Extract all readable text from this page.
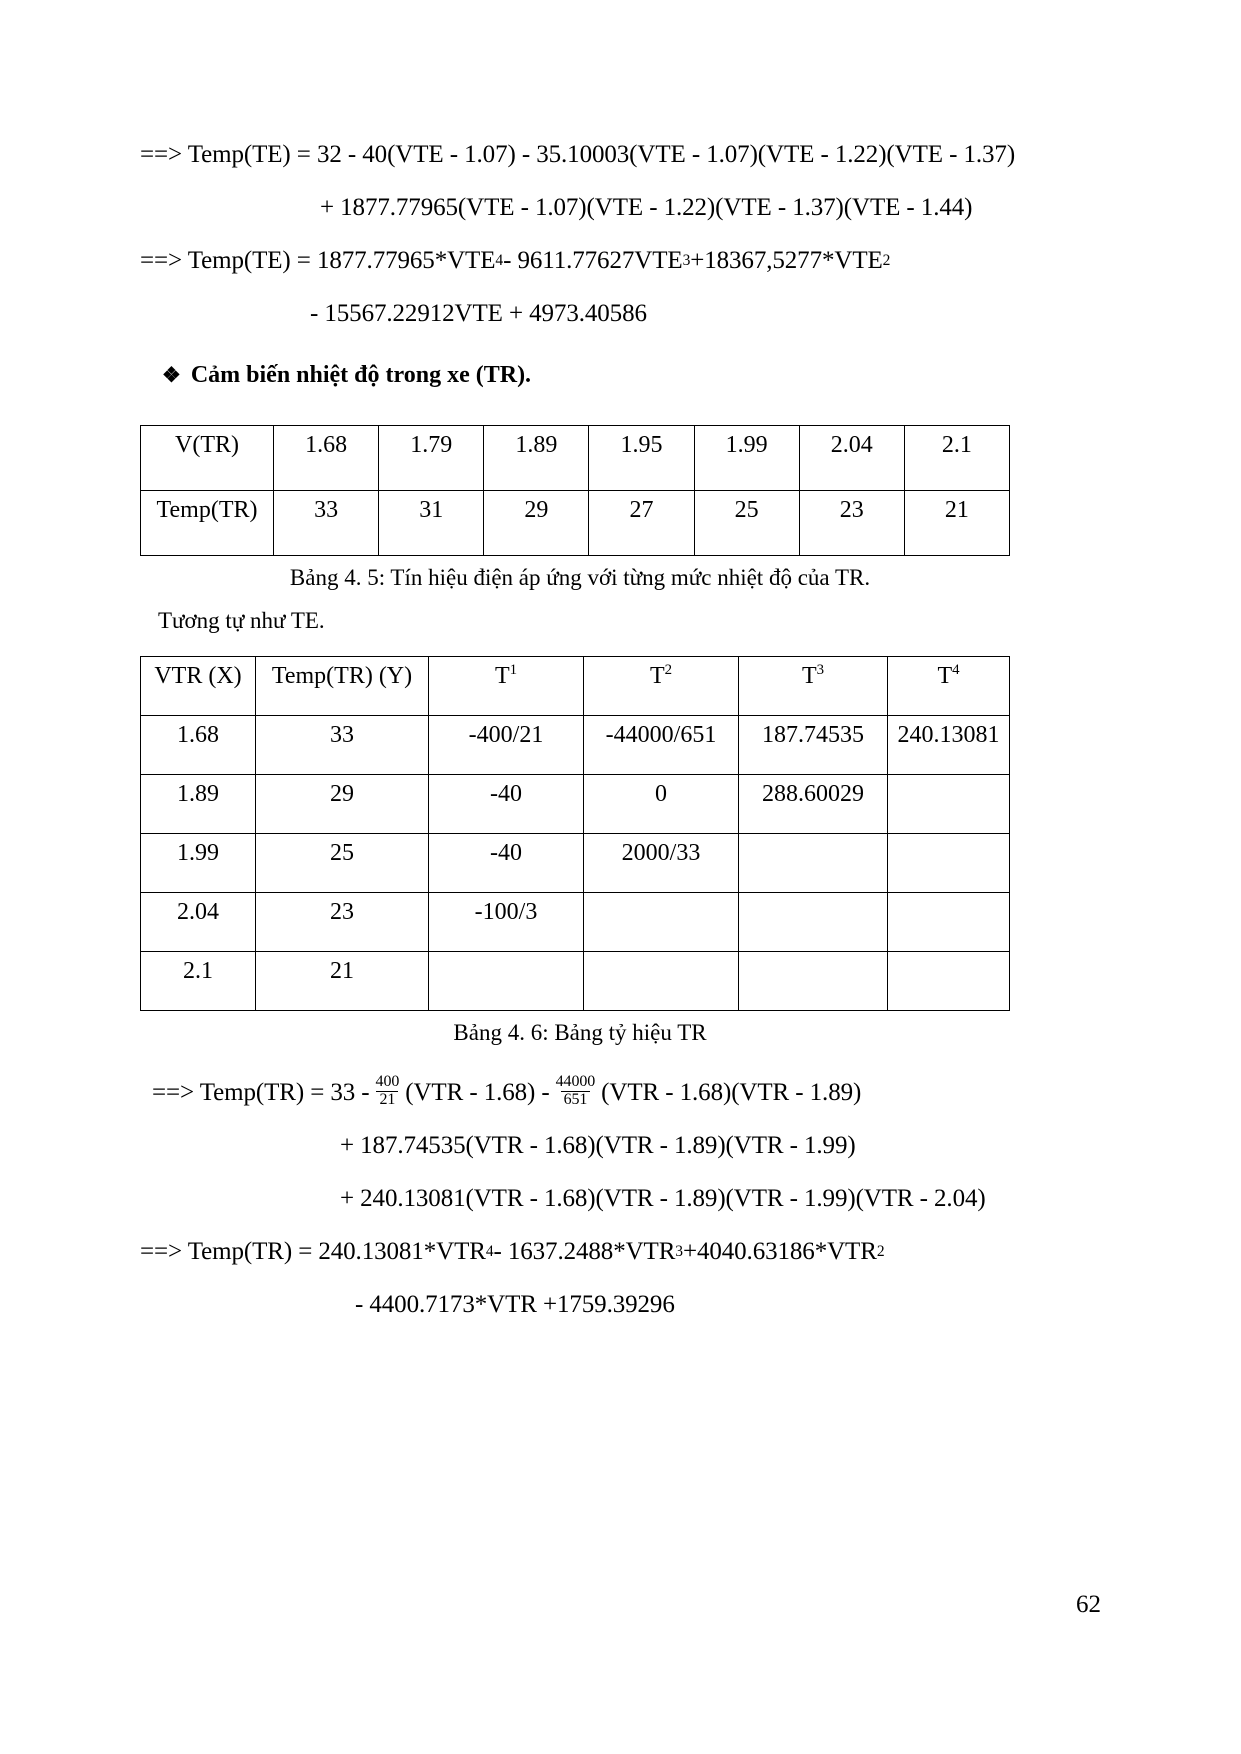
==> Temp(TE) = 32 - 40(VTE - 1.07) - 35.10003(VTE - 1.07)(VTE - 1.22)(VTE - 1.37)
+ 1877.77965(VTE - 1.07)(VTE - 1.22)(VTE - 1.37)(VTE - 1.44)
==> Temp(TE) = 1877.77965*VTE 4 - 9611.77627VTE 3 +18367,5277*VTE 2
- 15567.22912VTE + 4973.40586
❖ Cảm biến nhiệt độ trong xe (TR).
V(TR)	1.68	1.79	1.89	1.95	1.99	2.04	2.1
Temp(TR)	33	31	29	27	25	23	21
Bảng 4. 5: Tín hiệu điện áp ứng với từng mức nhiệt độ của TR.
Tương tự như TE.
VTR (X)	Temp(TR) (Y)	$T^1$	$T^2$	$T^3$	$T^4$
1.68	33	-400/21	-44000/651	187.74535	240.13081
1.89	29	-40	0	288.60029	
1.99	25	-40	2000/33		
2.04	23	-100/3			
2.1	21				
Bảng 4. 6: Bảng tỷ hiệu TR
==> Temp(TR) = $33 - \frac{400}{21} (VTR - 1.68) - \frac{44000}{651} (VTR - 1.68)(VTR - 1.89)$
+ 187.74535(VTR - 1.68)(VTR - 1.89)(VTR - 1.99)
+ 240.13081(VTR - 1.68)(VTR - 1.89)(VTR - 1.99)(VTR - 2.04)
==> Temp(TR) = 240.13081*VTR 4 - 1637.2488*VTR 3 +4040.63186*VTR 2
- 4400.7173*VTR +1759.39296
62
